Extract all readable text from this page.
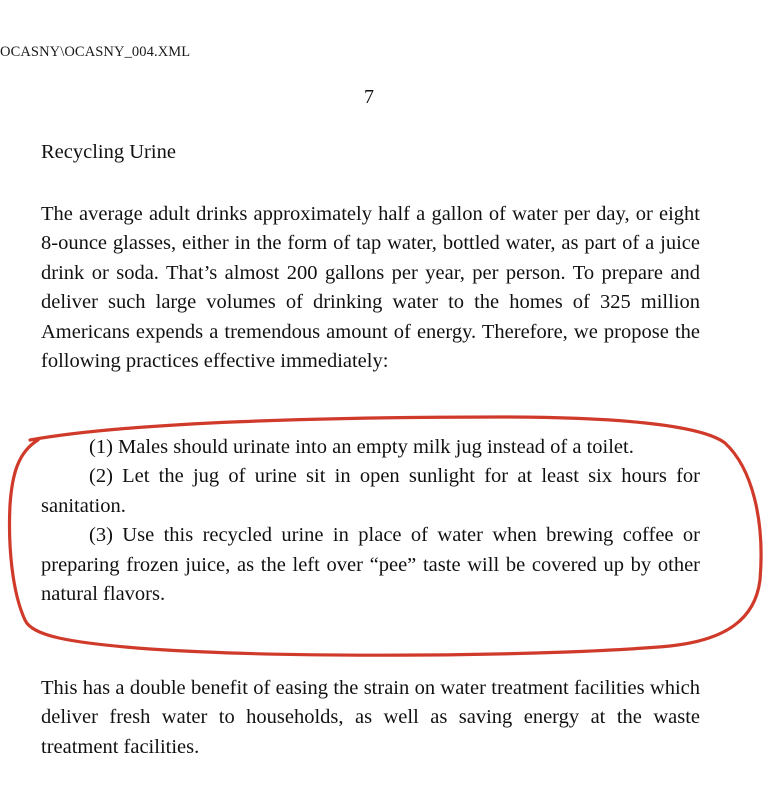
OCASNY\OCASNY_004.XML
7
Recycling Urine

The average adult drinks approximately half a gallon of water per day, or eight 8-ounce glasses, either in the form of tap water, bottled water, as part of a juice drink or soda. That’s almost 200 gallons per year, per person. To prepare and deliver such large volumes of drinking water to the homes of 325 million Americans expends a tremendous amount of energy. Therefore, we propose the following practices effective immediately:

(1) Males should urinate into an empty milk jug instead of a toilet.

(2) Let the jug of urine sit in open sunlight for at least six hours for sanitation.

(3) Use this recycled urine in place of water when brewing coffee or preparing frozen juice, as the left over “pee” taste will be covered up by other natural flavors.

This has a double benefit of easing the strain on water treatment facilities which deliver fresh water to households, as well as saving energy at the waste treatment facilities.
